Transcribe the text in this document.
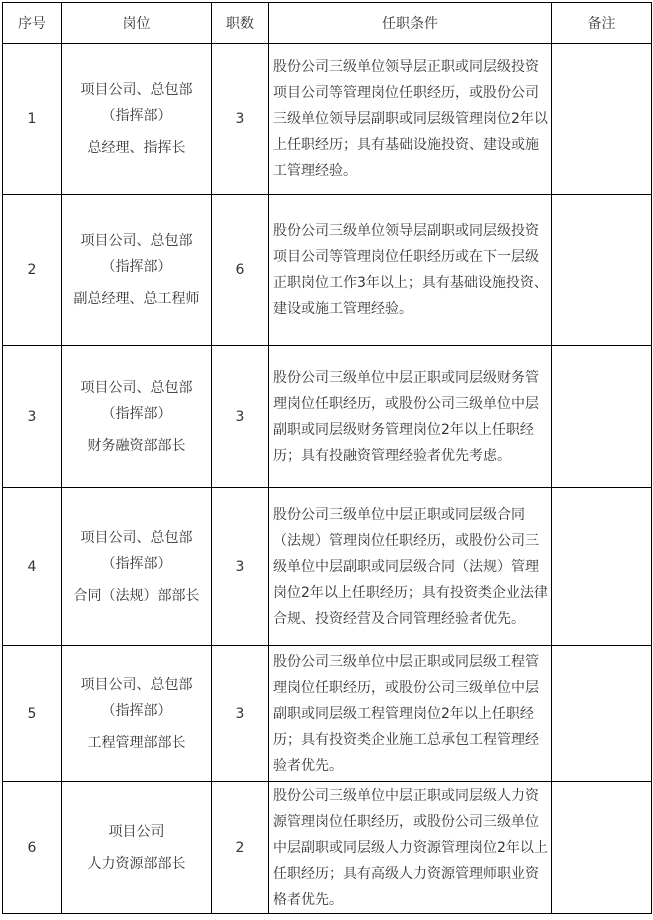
序号	岗位	职数	任职条件	备注
1	项目公司、总包部
（指挥部）
总经理、指挥长	3	股份公司三级单位领导层正职或同层级投资项目公司等管理岗位任职经历，或股份公司三级单位领导层副职或同层级管理岗位2年以上任职经历；具有基础设施投资、建设或施工管理经验。	
2	项目公司、总包部
（指挥部）
副总经理、总工程师	6	股份公司三级单位领导层副职或同层级投资项目公司等管理岗位任职经历或在下一层级正职岗位工作3年以上；具有基础设施投资、建设或施工管理经验。	
3	项目公司、总包部
（指挥部）
财务融资部部长	3	股份公司三级单位中层正职或同层级财务管理岗位任职经历，或股份公司三级单位中层副职或同层级财务管理岗位2年以上任职经历；具有投融资管理经验者优先考虑。	
4	项目公司、总包部
（指挥部）
合同（法规）部部长	3	股份公司三级单位中层正职或同层级合同（法规）管理岗位任职经历，或股份公司三级单位中层副职或同层级合同（法规）管理岗位2年以上任职经历；具有投资类企业法律合规、投资经营及合同管理经验者优先。	
5	项目公司、总包部
（指挥部）
工程管理部部长	3	股份公司三级单位中层正职或同层级工程管理岗位任职经历，或股份公司三级单位中层副职或同层级工程管理岗位2年以上任职经历；具有投资类企业施工总承包工程管理经验者优先。	
6	项目公司
人力资源部部长	2	股份公司三级单位中层正职或同层级人力资源管理岗位任职经历，或股份公司三级单位中层副职或同层级人力资源管理岗位2年以上任职经历；具有高级人力资源管理师职业资格者优先。	
